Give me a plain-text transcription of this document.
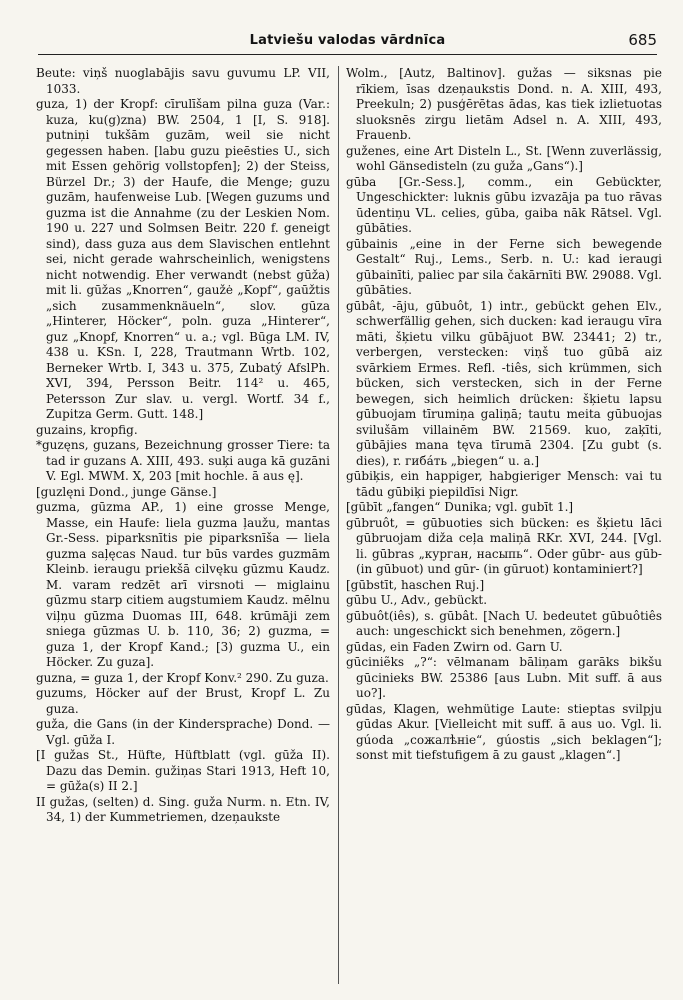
Latviešu valodas vārdnīca	685

Beute: viņš nuoglabājis savu guvumu LP. VII, 1033.

guza, 1) der Kropf: cīrulīšam pilna guza (Var.: kuza, ku(g)zna) BW. 2504, 1 [I, S. 918]. putniņi tukšām guzām, weil sie nicht gegessen haben. [labu guzu pieēsties U., sich mit Essen gehörig vollstopfen]; 2) der Steiss, Bürzel Dr.; 3) der Haufe, die Menge; guzu guzām, haufenweise Lub. [Wegen guzums und guzma ist die Annahme (zu der Leskien Nom. 190 u. 227 und Solmsen Beitr. 220 f. geneigt sind), dass guza aus dem Slavischen entlehnt sei, nicht gerade wahrscheinlich, wenigstens nicht notwendig. Eher verwandt (nebst gūža) mit li. gūžas „Knorren“, gaužė „Kopf“, gaūžtis „sich zusammenknäueln“, slov. gūza „Hinterer, Höcker“, poln. guza „Hinterer“, guz „Knopf, Knorren“ u. a.; vgl. Būga LM. IV, 438 u. KSn. I, 228, Trautmann Wrtb. 102, Berneker Wrtb. I, 343 u. 375, Zubatý AfslPh. XVI, 394, Persson Beitr. 114² u. 465, Petersson Zur slav. u. vergl. Wortf. 34 f., Zupitza Germ. Gutt. 148.]

guzains, kropfig.

*guzęns, guzans, Bezeichnung grosser Tiere: ta tad ir guzans A. XIII, 493. suķi auga kā guzāni V. Egl. MWM. X, 203 [mit hochle. ā aus ę].

[guzlęni Dond., junge Gänse.]

guzma, gūzma AP., 1) eine grosse Menge, Masse, ein Haufe: liela guzma ļaužu, mantas Gr.-Sess. piparksnītis pie piparksnīša — liela guzma saļęcas Naud. tur būs vardes guzmām Kleinb. ieraugu priekšā cilvęku gūzmu Kaudz. M. varam redzēt arī virsnoti — miglainu gūzmu starp citiem augstumiem Kaudz. mēlnu viļņu gūzma Duomas III, 648. krūmāji zem sniega gūzmas U. b. 110, 36; 2) guzma, = guza 1, der Kropf Kand.; [3) guzma U., ein Höcker. Zu guza].

guzna, = guza 1, der Kropf Konv.² 290. Zu guza.

guzums, Höcker auf der Brust, Kropf L. Zu guza.

guža, die Gans (in der Kindersprache) Dond. — Vgl. gūža I.

[I gužas St., Hüfte, Hüftblatt (vgl. gūža II). Dazu das Demin. gužiņas Stari 1913, Heft 10, = gūža(s) II 2.]

II gužas, (selten) d. Sing. guža Nurm. n. Etn. IV, 34, 1) der Kummetriemen, dzeņaukste

Wolm., [Autz, Baltinov]. gužas — siksnas pie rīkiem, īsas dzeņaukstis Dond. n. A. XIII, 493, Preekuln; 2) pusģērētas ādas, kas tiek izlietuotas sluoksnēs zirgu lietām Adsel n. A. XIII, 493, Frauenb.

guženes, eine Art Disteln L., St. [Wenn zuverlässig, wohl Gänsedisteln (zu guža „Gans“).]

gūba [Gr.-Sess.], comm., ein Gebückter, Ungeschickter: luknis gūbu izvazāja pa tuo rāvas ūdentiņu VL. celies, gūba, gaiba nāk Rātsel. Vgl. gūbāties.

gūbainis „eine in der Ferne sich bewegende Gestalt“ Ruj., Lems., Serb. n. U.: kad ieraugi gūbainīti, paliec par sila čakārnīti BW. 29088. Vgl. gūbāties.

gūbât, -āju, gūbuôt, 1) intr., gebückt gehen Elv., schwerfällig gehen, sich ducken: kad ieraugu vīra māti, šķietu vilku gūbājuot BW. 23441; 2) tr., verbergen, verstecken: viņš tuo gūbā aiz svārkiem Ermes. Refl. -tiês, sich krümmen, sich bücken, sich verstecken, sich in der Ferne bewegen, sich heimlich drücken: šķietu lapsu gūbuojam tīrumiņa galiņā; tautu meita gūbuojas svilušām villainēm BW. 21569. kuo, zaķīti, gūbājies mana tęva tīrumā 2304. [Zu gubt (s. dies), r. гибáть „biegen“ u. a.]

gūbiķis, ein happiger, habgieriger Mensch: vai tu tādu gūbiķi piepildīsi Nigr.

[gūbīt „fangen“ Dunika; vgl. gubīt 1.]

gūbruôt, = gūbuoties sich bücken: es šķietu lāci gūbruojam diža ceļa maliņā RKr. XVI, 244. [Vgl. li. gūbras „курган, насыпь“. Oder gūbr- aus gūb- (in gūbuot) und gūr- (in gūruot) kontaminiert?]

[gūbstīt, haschen Ruj.]

gūbu U., Adv., gebückt.

gūbuôt(iês), s. gūbât. [Nach U. bedeutet gūbuôtiês auch: ungeschickt sich benehmen, zögern.]

gūdas, ein Faden Zwirn od. Garn U.

gūciniẽks „?“: vēlmanam bāliņam garāks bikšu gūcinieks BW. 25386 [aus Lubn. Mit suff. ā aus uo?].

gūdas, Klagen, wehmütige Laute: stieptas svilpju gūdas Akur. [Vielleicht mit suff. ā aus uo. Vgl. li. gúoda „сожалѣніе“, gúostis „sich beklagen“]; sonst mit tiefstufigem ā zu gaust „klagen“.]
